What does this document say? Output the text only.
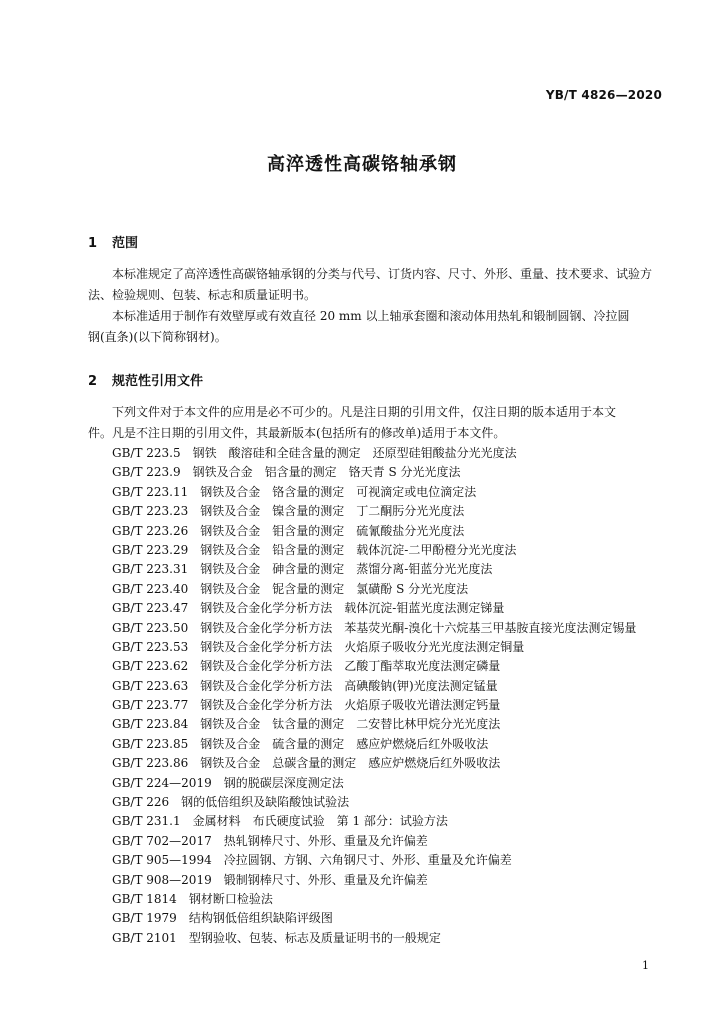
YB/T 4826—2020
高淬透性高碳铬轴承钢
1 范围
本标准规定了高淬透性高碳铬轴承钢的分类与代号、订货内容、尺寸、外形、重量、技术要求、试验方
法、检验规则、包装、标志和质量证明书。
本标准适用于制作有效壁厚或有效直径 20 mm 以上轴承套圈和滚动体用热轧和锻制圆钢、冷拉圆
钢(直条)(以下简称钢材)。
2 规范性引用文件
下列文件对于本文件的应用是必不可少的。凡是注日期的引用文件，仅注日期的版本适用于本文
件。凡是不注日期的引用文件，其最新版本(包括所有的修改单)适用于本文件。
GB/T 223.5 钢铁　酸溶硅和全硅含量的测定　还原型硅钼酸盐分光光度法
GB/T 223.9 钢铁及合金　铝含量的测定　铬天青 S 分光光度法
GB/T 223.11 钢铁及合金　铬含量的测定　可视滴定或电位滴定法
GB/T 223.23 钢铁及合金　镍含量的测定　丁二酮肟分光光度法
GB/T 223.26 钢铁及合金　钼含量的测定　硫氰酸盐分光光度法
GB/T 223.29 钢铁及合金　铅含量的测定　载体沉淀-二甲酚橙分光光度法
GB/T 223.31 钢铁及合金　砷含量的测定　蒸馏分离-钼蓝分光光度法
GB/T 223.40 钢铁及合金　铌含量的测定　氯磺酚 S 分光光度法
GB/T 223.47 钢铁及合金化学分析方法　载体沉淀-钼蓝光度法测定锑量
GB/T 223.50 钢铁及合金化学分析方法　苯基荧光酮-溴化十六烷基三甲基胺直接光度法测定锡量
GB/T 223.53 钢铁及合金化学分析方法　火焰原子吸收分光光度法测定铜量
GB/T 223.62 钢铁及合金化学分析方法　乙酸丁酯萃取光度法测定磷量
GB/T 223.63 钢铁及合金化学分析方法　高碘酸钠(钾)光度法测定锰量
GB/T 223.77 钢铁及合金化学分析方法　火焰原子吸收光谱法测定钙量
GB/T 223.84 钢铁及合金　钛含量的测定　二安替比林甲烷分光光度法
GB/T 223.85 钢铁及合金　硫含量的测定　感应炉燃烧后红外吸收法
GB/T 223.86 钢铁及合金　总碳含量的测定　感应炉燃烧后红外吸收法
GB/T 224—2019 钢的脱碳层深度测定法
GB/T 226 钢的低倍组织及缺陷酸蚀试验法
GB/T 231.1 金属材料　布氏硬度试验　第 1 部分：试验方法
GB/T 702—2017 热轧钢棒尺寸、外形、重量及允许偏差
GB/T 905—1994 冷拉圆钢、方钢、六角钢尺寸、外形、重量及允许偏差
GB/T 908—2019 锻制钢棒尺寸、外形、重量及允许偏差
GB/T 1814 钢材断口检验法
GB/T 1979 结构钢低倍组织缺陷评级图
GB/T 2101 型钢验收、包装、标志及质量证明书的一般规定
1
